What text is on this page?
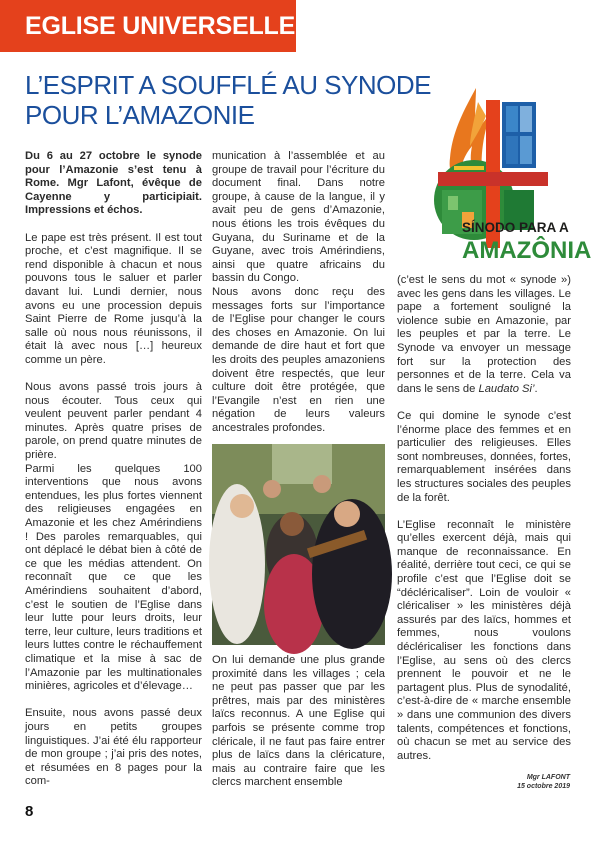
EGLISE UNIVERSELLE
L’ESPRIT A SOUFFLÉ AU SYNODE
POUR L’AMAZONIE
SÍNODO PARA A
AMAZÔNIA

Du 6 au 27 octobre le synode pour l’Amazonie s’est tenu à Rome. Mgr Lafont, évêque de Cayenne y participiait. Impressions et échos.

Le pape est très présent. Il est tout proche, et c’est magnifique. Il se rend disponible à chacun et nous pouvons tous le saluer et parler davant lui. Lundi dernier, nous avons eu une procession depuis Saint Pierre de Rome jusqu’à la salle où nous nous réunissons, il était là avec nous […] heureux comme un père.

Nous avons passé trois jours à nous écouter. Tous ceux qui veulent peuvent parler pendant 4 minutes. Après quatre prises de parole, on prend quatre minutes de prière.

Parmi les quelques 100 interventions que nous avons entendues, les plus fortes viennent des religieuses engagées en Amazonie et les chez Amérindiens ! Des paroles remarquables, qui ont déplacé le débat bien à côté de ce que les médias attendent. On reconnaît que ce que les Amérindiens souhaitent d’abord, c’est le soutien de l’Eglise dans leur lutte pour leurs droits, leur terre, leur culture, leurs traditions et leurs luttes contre le réchauffement climatique et la mise à sac de l’Amazonie par les multinationales minières, agricoles et d’élevage…

Ensuite, nous avons passé deux jours en petits groupes linguistiques. J’ai été élu rapporteur de mon groupe ; j’ai pris des notes, et résumées en 8 pages pour la com-

munication à l’assemblée et au groupe de travail pour l’écriture du document final. Dans notre groupe, à cause de la langue, il y avait peu de gens d’Amazonie, nous étions les trois évêques du Guyana, du Suriname et de la Guyane, avec trois Amérindiens, ainsi que quatre africains du bassin du Congo.

Nous avons donc reçu des messages forts sur l’importance de l’Eglise pour changer le cours des choses en Amazonie. On lui demande de dire haut et fort que les droits des peuples amazoniens doivent être respectés, que leur culture doit être protégée, que l’Evangile n’est en rien une négation de leurs valeurs ancestrales profondes.

On lui demande une plus grande proximité dans les villages ; cela ne peut pas passer que par les prêtres, mais par des ministères laïcs reconnus. A une Eglise qui parfois se présente comme trop cléricale, il ne faut pas faire entrer plus de laïcs dans la cléricature, mais au contraire faire que les clercs marchent ensemble

(c’est le sens du mot « synode ») avec les gens dans les villages. Le pape a fortement souligné la violence subie en Amazonie, par les peuples et par la terre. Le Synode va envoyer un message fort sur la protection des personnes et de la terre. Cela va dans le sens de Laudato Si’.

Ce qui domine le synode c’est l’énorme place des femmes et en particulier des religieuses. Elles sont nombreuses, données, fortes, remarquablement insérées dans les structures sociales des peuples de la forêt.

L’Eglise reconnaît le ministère qu’elles exercent déjà, mais qui manque de reconnaissance. En réalité, derrière tout ceci, ce qui se profile c’est que l’Eglise doit se “décléricaliser”. Loin de vouloir « cléricaliser » les ministères déjà assurés par des laïcs, hommes et femmes, nous voulons décléricaliser les fonctions dans l’Eglise, au sens où des clercs prennent le pouvoir et ne le partagent plus. Plus de synodalité, c’est-à-dire de « marche ensemble » dans une communion des divers talents, compétences et fonctions, où chacun se met au service des autres.

Mgr LAFONT
15 octobre 2019
8
